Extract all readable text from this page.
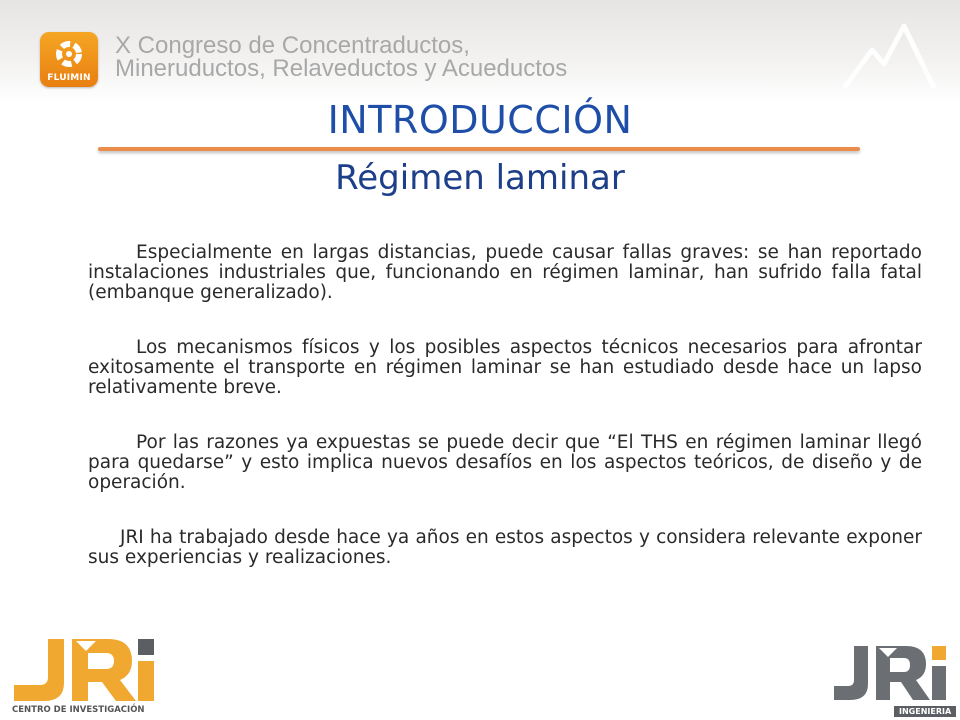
FLUIMIN
X Congreso de Concentraductos,
Mineruductos, Relaveductos y Acueductos
INTRODUCCIÓN
Régimen laminar

Especialmente en largas distancias, puede causar fallas graves: se han reportado instalaciones industriales que, funcionando en régimen laminar, han sufrido falla fatal (embanque generalizado).

Los mecanismos físicos y los posibles aspectos técnicos necesarios para afrontar exitosamente el transporte en régimen laminar se han estudiado desde hace un lapso relativamente breve.

Por las razones ya expuestas se puede decir que “El THS en régimen laminar llegó para quedarse” y esto implica nuevos desafíos en los aspectos teóricos, de diseño y de operación.

JRI ha trabajado desde hace ya años en estos aspectos y considera relevante exponer sus experiencias y realizaciones.

CENTRO DE INVESTIGACIÓN	INGENIERIA
